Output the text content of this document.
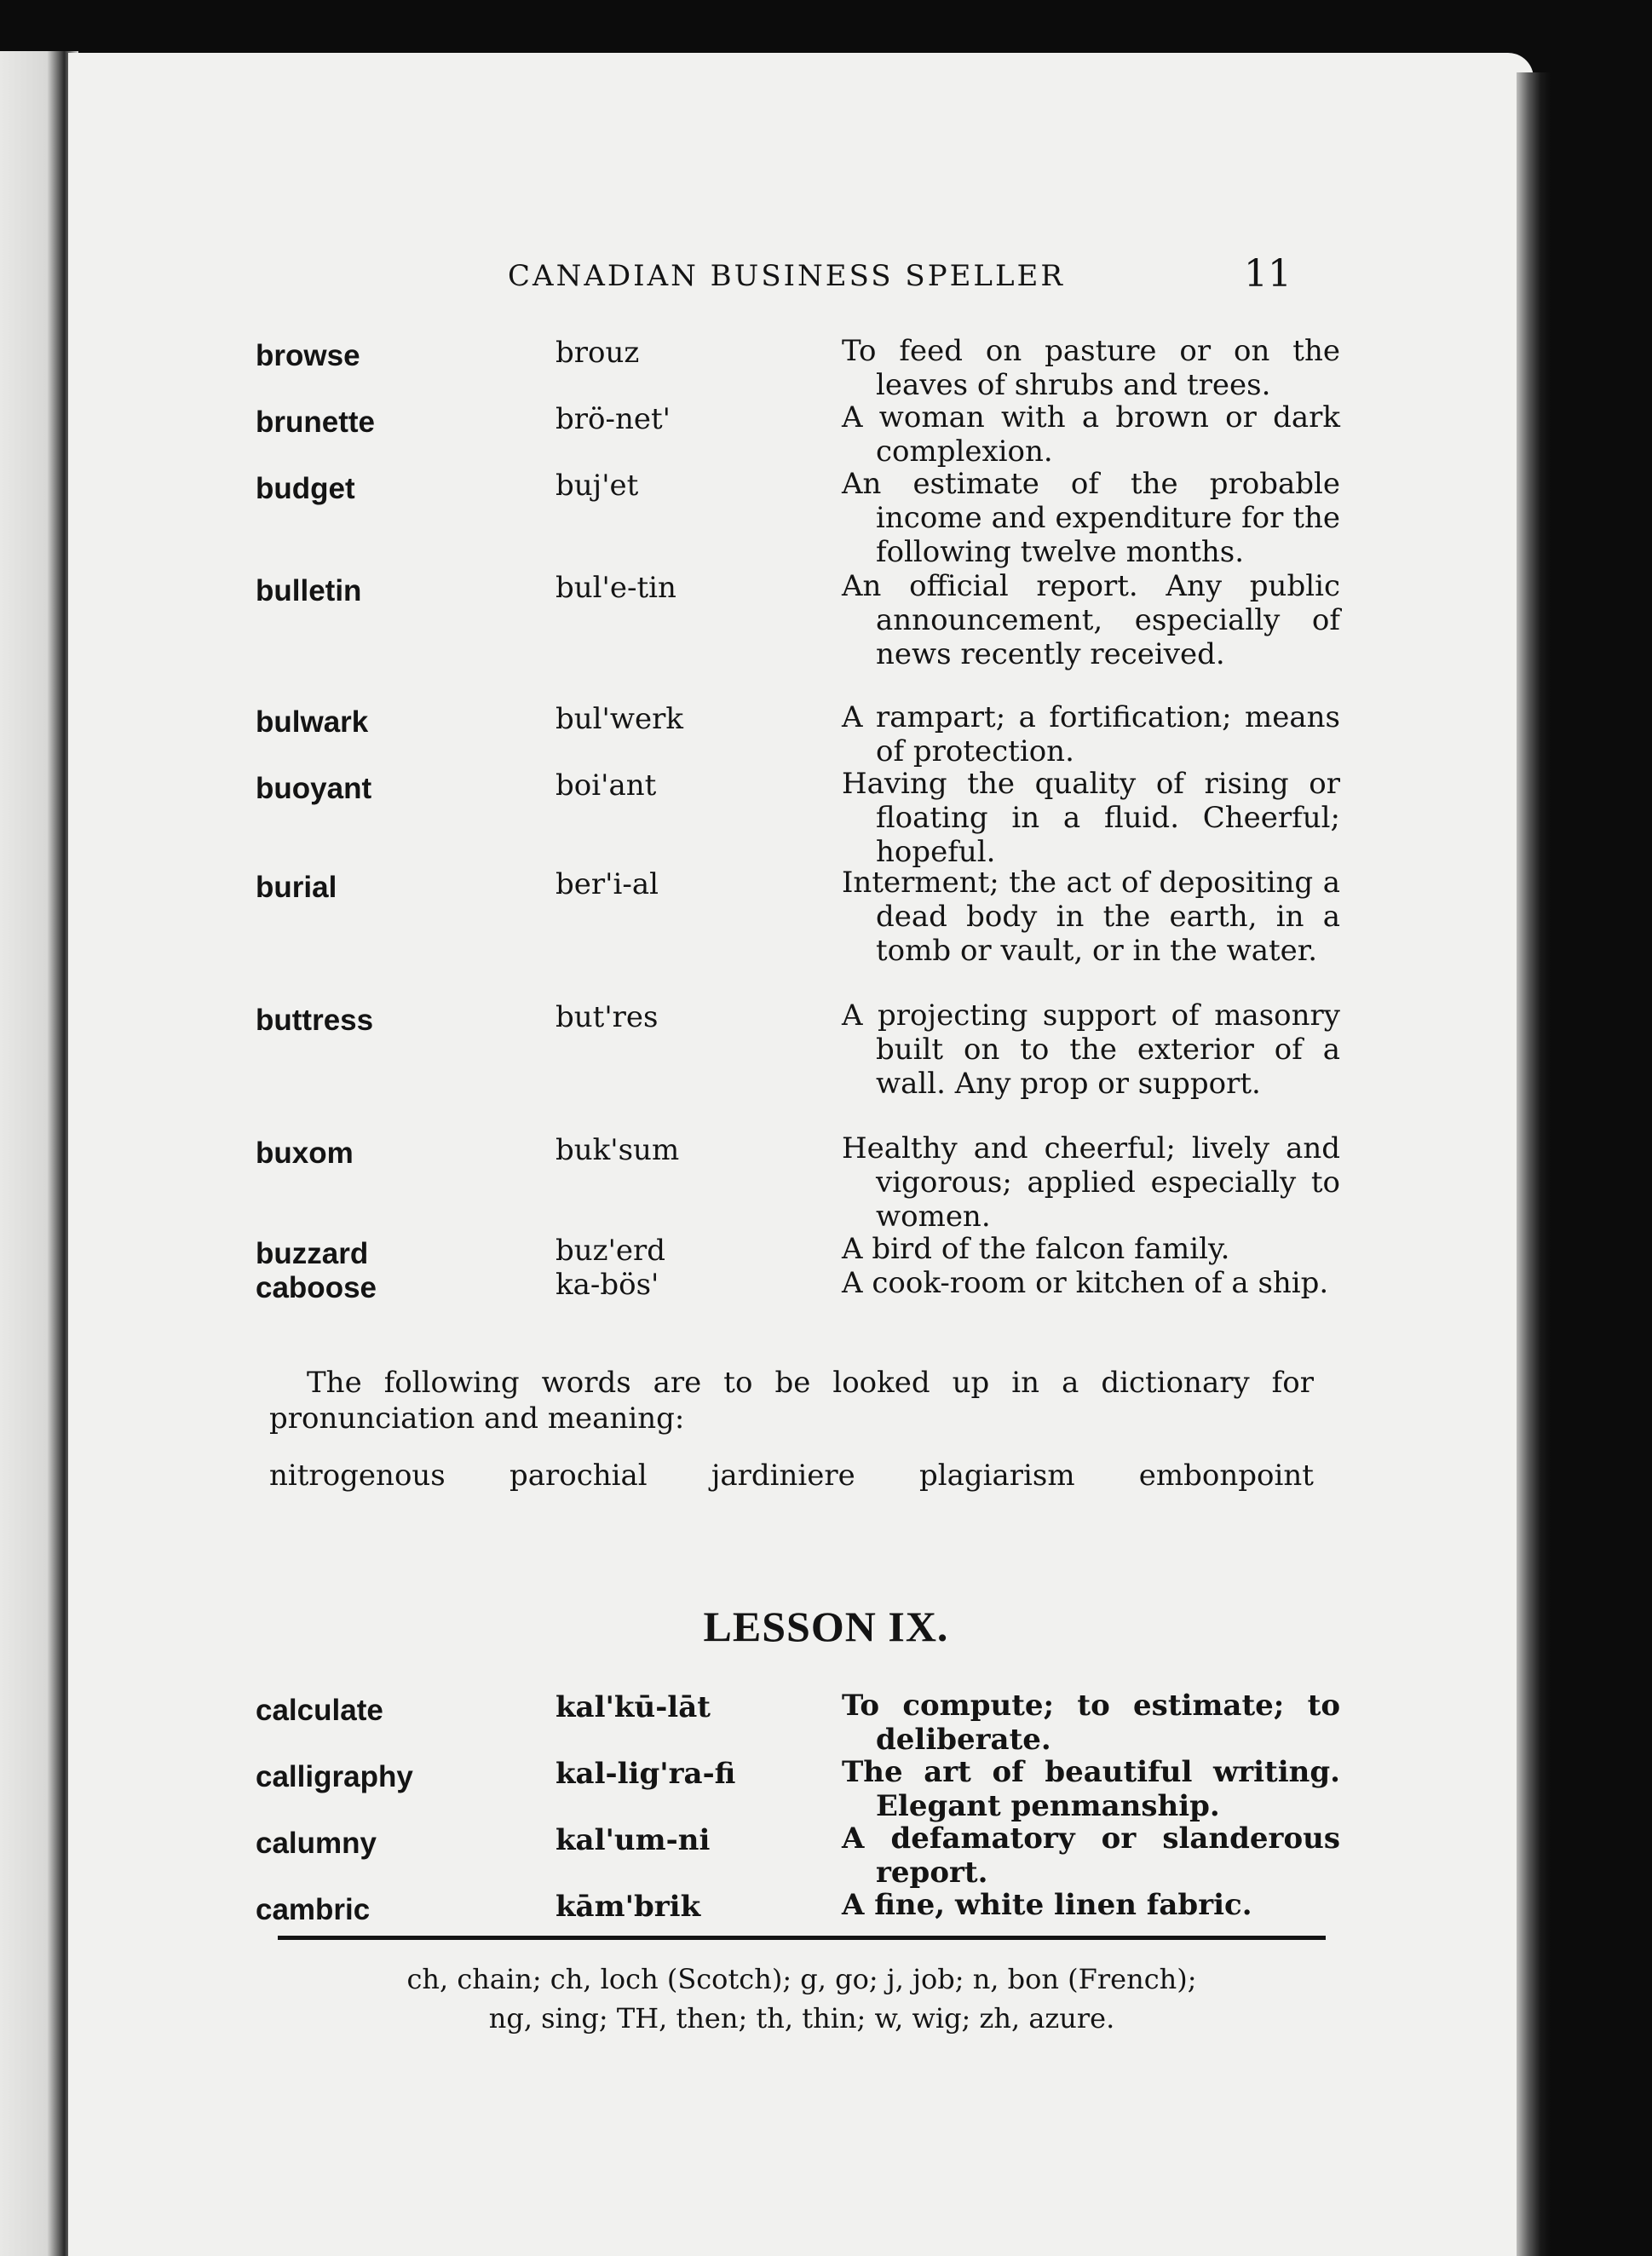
CANADIAN BUSINESS SPELLER	11
browse	brouz	To feed on pasture or on the leaves of shrubs and trees.
brunette	brö-net'	A woman with a brown or dark complexion.
budget	buj'et	An estimate of the probable income and expenditure for the following twelve months.
bulletin	bul'e-tin	An official report. Any public announcement, especially of news recently received.
bulwark	bul'werk	A rampart; a fortification; means of protection.
buoyant	boi'ant	Having the quality of rising or floating in a fluid. Cheerful; hopeful.
burial	ber'i-al	Interment; the act of depositing a dead body in the earth, in a tomb or vault, or in the water.
buttress	but'res	A projecting support of masonry built on to the exterior of a wall. Any prop or support.
buxom	buk'sum	Healthy and cheerful; lively and vigorous; applied especially to women.
buzzard	buz'erd	A bird of the falcon family.
caboose	ka-bös'	A cook-room or kitchen of a ship.
The following words are to be looked up in a dictionary for pronunciation and meaning:
nitrogenous parochial jardiniere plagiarism embonpoint
LESSON IX.
calculate	kal'kū-lāt	To compute; to estimate; to deliberate.
calligraphy	kal-lig'ra-fi	The art of beautiful writing. Elegant penmanship.
calumny	kal'um-ni	A defamatory or slanderous report.
cambric	kām'brik	A fine, white linen fabric.
ch, chain; ch, loch (Scotch); g, go; j, job; n, bon (French);
ng, sing; TH, then; th, thin; w, wig; zh, azure.
